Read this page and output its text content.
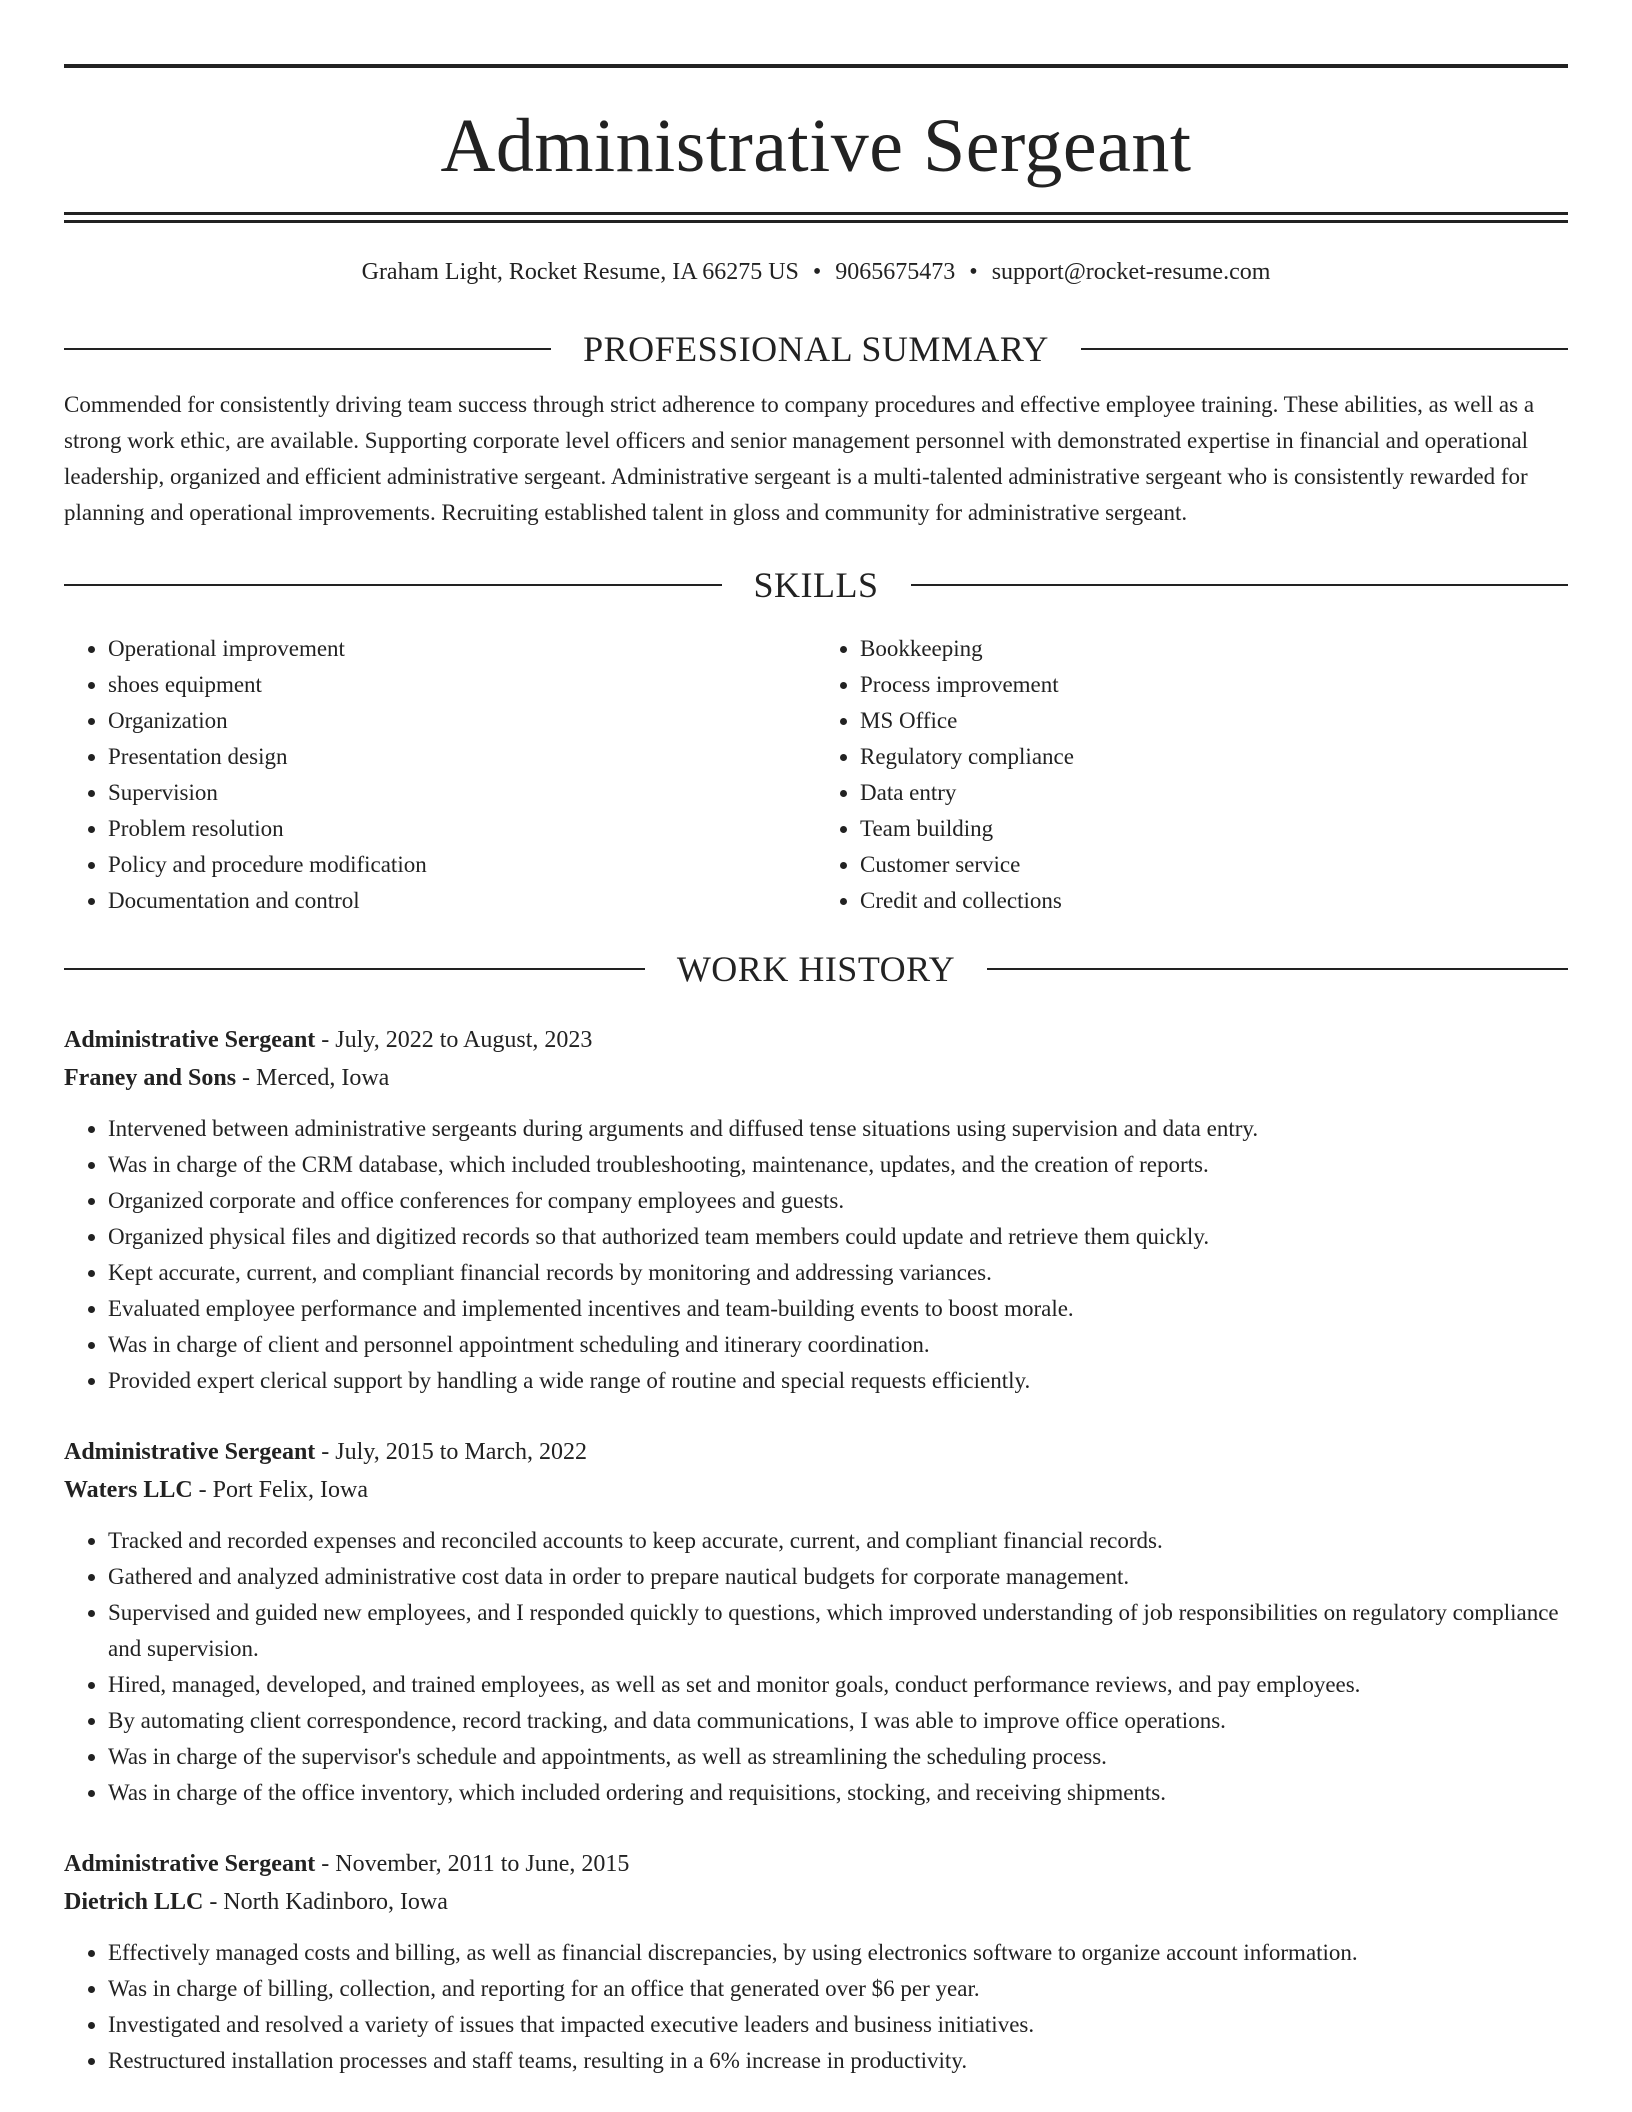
Administrative Sergeant
Graham Light, Rocket Resume, IA 66275 US • 9065675473 • support@rocket-resume.com
PROFESSIONAL SUMMARY
Commended for consistently driving team success through strict adherence to company procedures and effective employee training. These abilities, as well as a strong work ethic, are available. Supporting corporate level officers and senior management personnel with demonstrated expertise in financial and operational leadership, organized and efficient administrative sergeant. Administrative sergeant is a multi-talented administrative sergeant who is consistently rewarded for planning and operational improvements. Recruiting established talent in gloss and community for administrative sergeant.
SKILLS
• Operational improvement
• shoes equipment
• Organization
• Presentation design
• Supervision
• Problem resolution
• Policy and procedure modification
• Documentation and control
• Bookkeeping
• Process improvement
• MS Office
• Regulatory compliance
• Data entry
• Team building
• Customer service
• Credit and collections
WORK HISTORY
Administrative Sergeant - July, 2022 to August, 2023
Franey and Sons - Merced, Iowa
• Intervened between administrative sergeants during arguments and diffused tense situations using supervision and data entry.
• Was in charge of the CRM database, which included troubleshooting, maintenance, updates, and the creation of reports.
• Organized corporate and office conferences for company employees and guests.
• Organized physical files and digitized records so that authorized team members could update and retrieve them quickly.
• Kept accurate, current, and compliant financial records by monitoring and addressing variances.
• Evaluated employee performance and implemented incentives and team-building events to boost morale.
• Was in charge of client and personnel appointment scheduling and itinerary coordination.
• Provided expert clerical support by handling a wide range of routine and special requests efficiently.
Administrative Sergeant - July, 2015 to March, 2022
Waters LLC - Port Felix, Iowa
• Tracked and recorded expenses and reconciled accounts to keep accurate, current, and compliant financial records.
• Gathered and analyzed administrative cost data in order to prepare nautical budgets for corporate management.
• Supervised and guided new employees, and I responded quickly to questions, which improved understanding of job responsibilities on regulatory compliance and supervision.
• Hired, managed, developed, and trained employees, as well as set and monitor goals, conduct performance reviews, and pay employees.
• By automating client correspondence, record tracking, and data communications, I was able to improve office operations.
• Was in charge of the supervisor's schedule and appointments, as well as streamlining the scheduling process.
• Was in charge of the office inventory, which included ordering and requisitions, stocking, and receiving shipments.
Administrative Sergeant - November, 2011 to June, 2015
Dietrich LLC - North Kadinboro, Iowa
• Effectively managed costs and billing, as well as financial discrepancies, by using electronics software to organize account information.
• Was in charge of billing, collection, and reporting for an office that generated over $6 per year.
• Investigated and resolved a variety of issues that impacted executive leaders and business initiatives.
• Restructured installation processes and staff teams, resulting in a 6% increase in productivity.
